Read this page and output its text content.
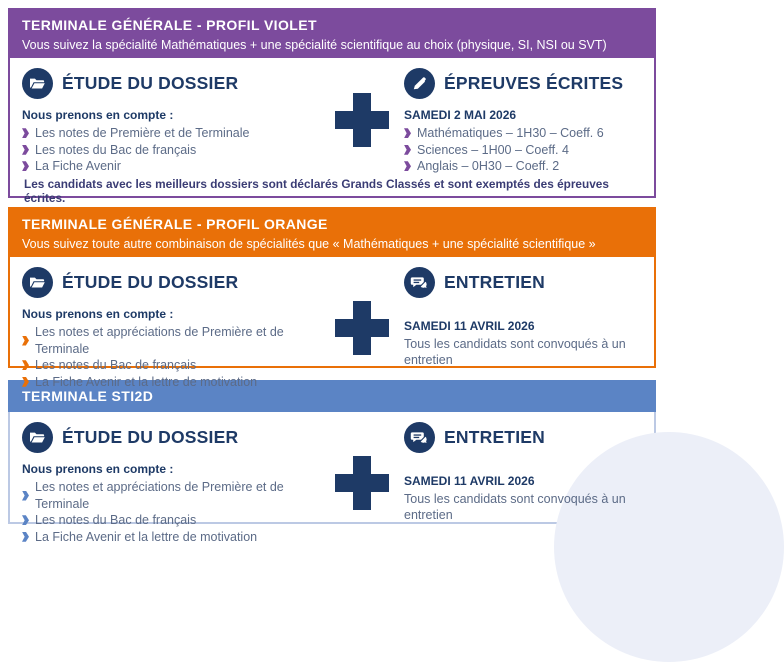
TERMINALE GÉNÉRALE - PROFIL VIOLET
Vous suivez la spécialité Mathématiques + une spécialité scientifique au choix (physique, SI, NSI ou SVT)
ÉTUDE DU DOSSIER
Nous prenons en compte :
Les notes de Première et de Terminale
Les notes du Bac de français
La Fiche Avenir
ÉPREUVES ÉCRITES
SAMEDI 2 MAI 2026
Mathématiques – 1H30 – Coeff. 6
Sciences – 1H00 – Coeff. 4
Anglais – 0H30 – Coeff. 2
Les candidats avec les meilleurs dossiers sont déclarés Grands Classés et sont exemptés des épreuves écrites.
TERMINALE GÉNÉRALE - PROFIL ORANGE
Vous suivez toute autre combinaison de spécialités que « Mathématiques + une spécialité scientifique »
ÉTUDE DU DOSSIER
Nous prenons en compte :
Les notes et appréciations de Première et de Terminale
Les notes du Bac de français
La Fiche Avenir et la lettre de motivation
ENTRETIEN
SAMEDI 11 AVRIL 2026
Tous les candidats sont convoqués à un entretien
TERMINALE STI2D
ÉTUDE DU DOSSIER
Nous prenons en compte :
Les notes et appréciations de Première et de Terminale
Les notes du Bac de français
La Fiche Avenir et la lettre de motivation
ENTRETIEN
SAMEDI 11 AVRIL 2026
Tous les candidats sont convoqués à un entretien
